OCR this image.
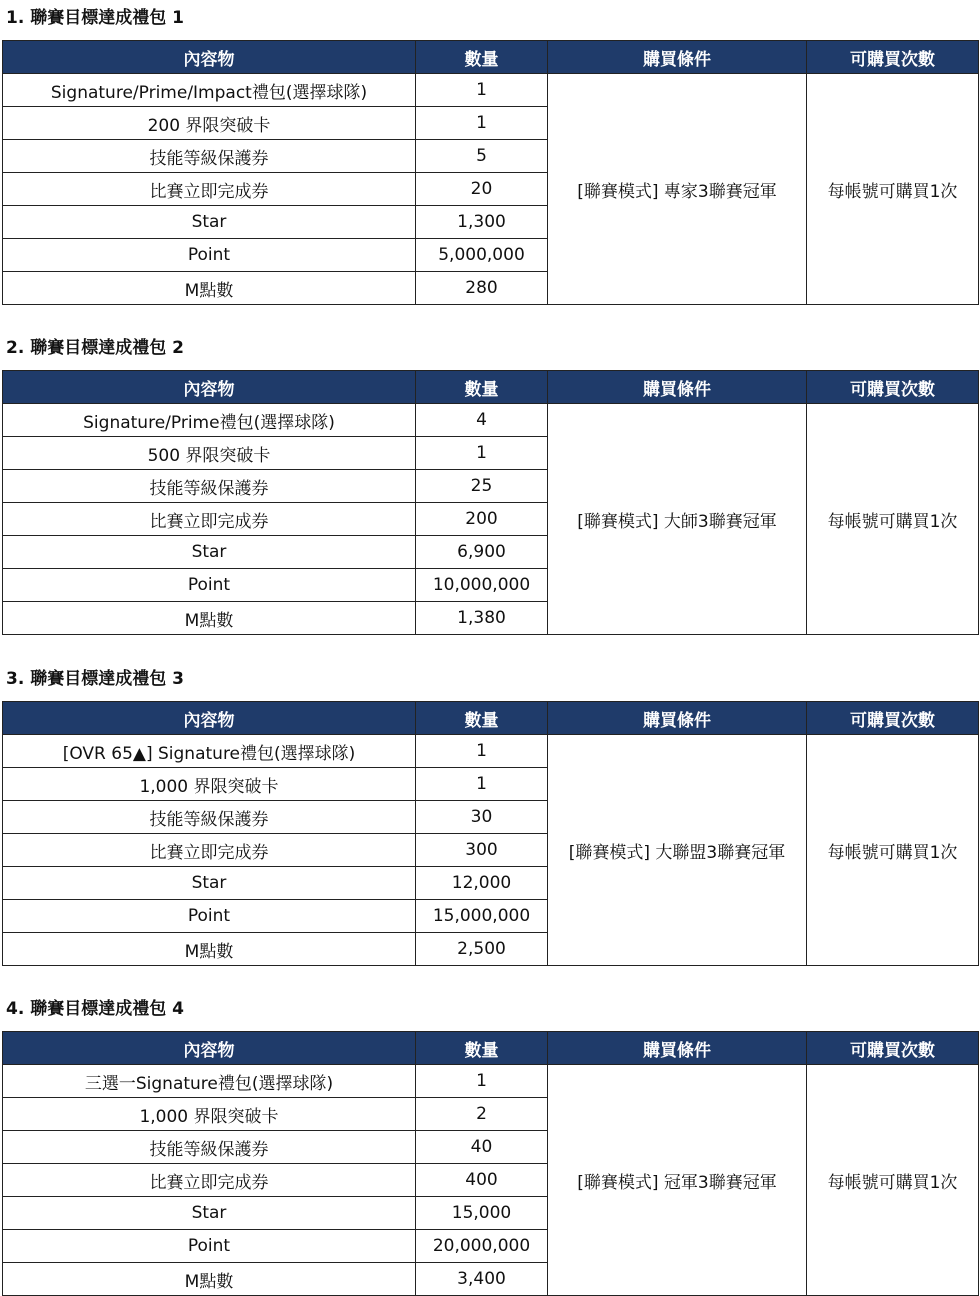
1. 聯賽目標達成禮包 1
內容物	數量	購買條件	可購買次數
Signature/Prime/Impact禮包(選擇球隊)	1	[聯賽模式] 專家3聯賽冠軍	每帳號可購買1次
200 界限突破卡	1		
技能等級保護券	5		
比賽立即完成券	20		
Star	1,300		
Point	5,000,000		
M點數	280		
2. 聯賽目標達成禮包 2
內容物	數量	購買條件	可購買次數
Signature/Prime禮包(選擇球隊)	4	[聯賽模式] 大師3聯賽冠軍	每帳號可購買1次
500 界限突破卡	1		
技能等級保護券	25		
比賽立即完成券	200		
Star	6,900		
Point	10,000,000		
M點數	1,380		
3. 聯賽目標達成禮包 3
內容物	數量	購買條件	可購買次數
[OVR 65▲] Signature禮包(選擇球隊)	1	[聯賽模式] 大聯盟3聯賽冠軍	每帳號可購買1次
1,000 界限突破卡	1		
技能等級保護券	30		
比賽立即完成券	300		
Star	12,000		
Point	15,000,000		
M點數	2,500		
4. 聯賽目標達成禮包 4
內容物	數量	購買條件	可購買次數
三選一Signature禮包(選擇球隊)	1	[聯賽模式] 冠軍3聯賽冠軍	每帳號可購買1次
1,000 界限突破卡	2		
技能等級保護券	40		
比賽立即完成券	400		
Star	15,000		
Point	20,000,000		
M點數	3,400		
